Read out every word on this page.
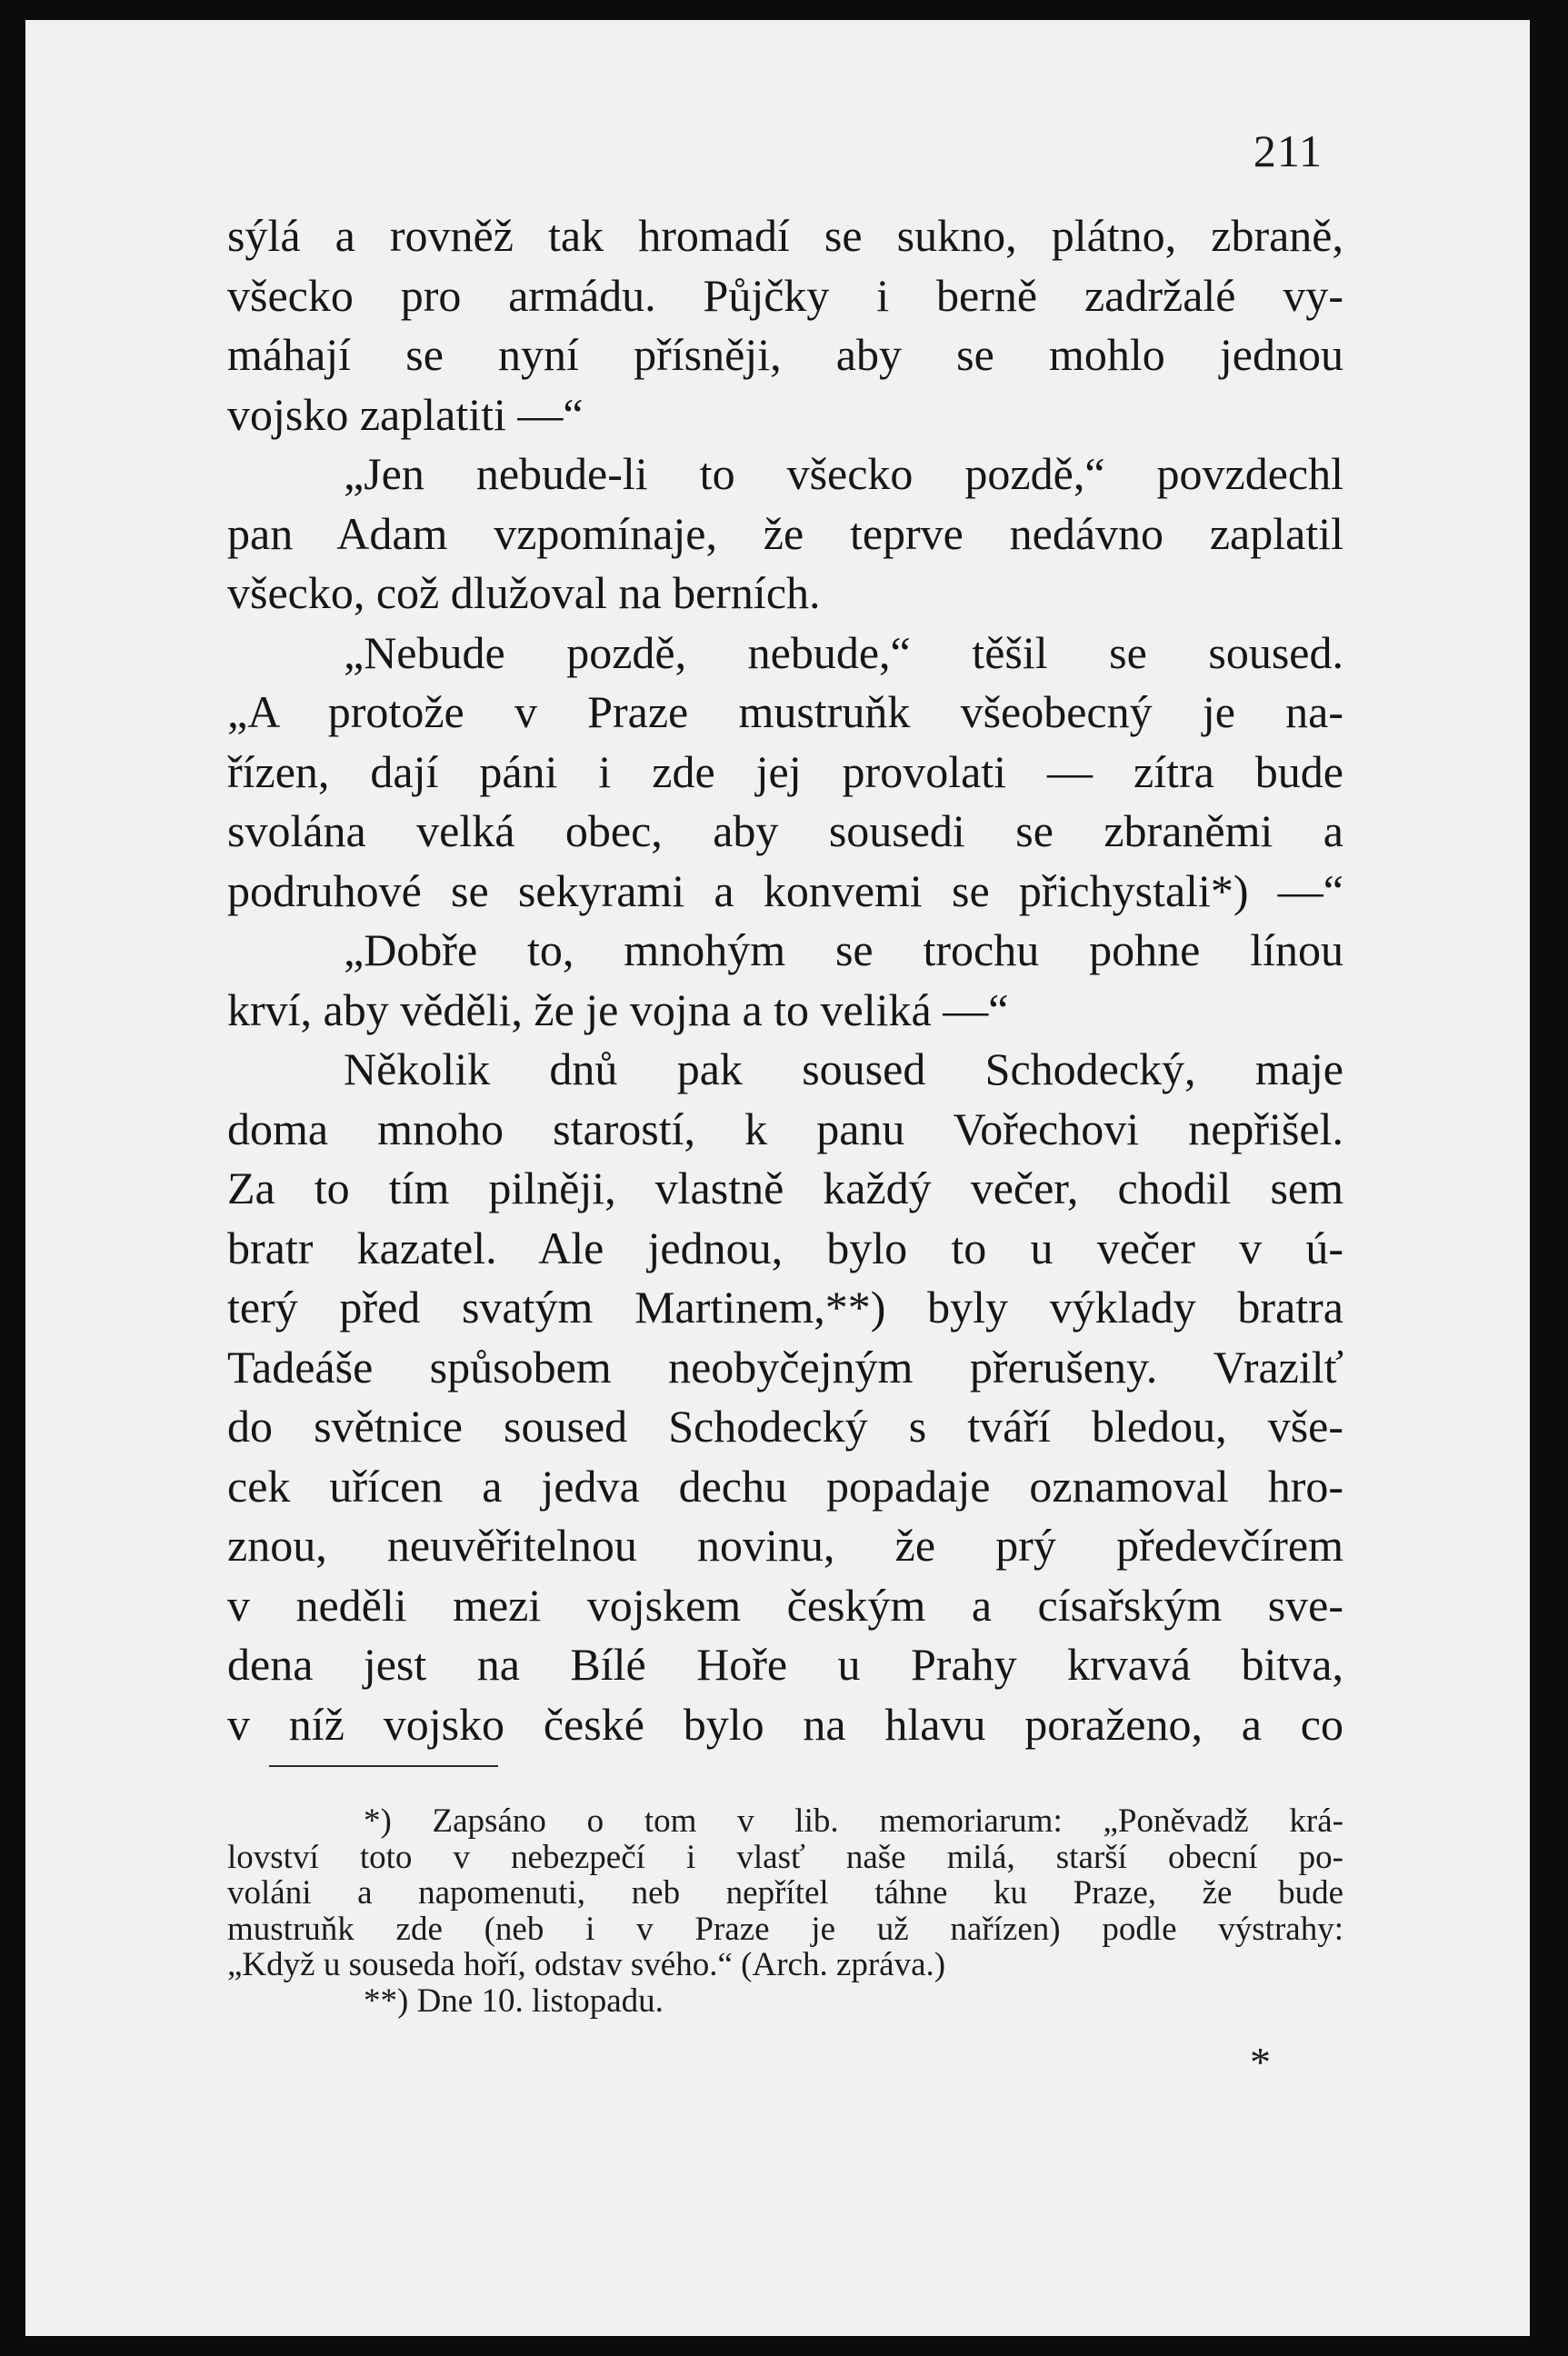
211
sýlá a rovněž tak hromadí se sukno, plátno, zbraně,
všecko pro armádu. Půjčky i berně zadržalé vy-
máhají se nyní přísněji, aby se mohlo jednou
vojsko zaplatiti —“
„Jen nebude-li to všecko pozdě,“ povzdechl
pan Adam vzpomínaje, že teprve nedávno zaplatil
všecko, což dlužoval na berních.
„Nebude pozdě, nebude,“ těšil se soused.
„A protože v Praze mustruňk všeobecný je na-
řízen, dají páni i zde jej provolati — zítra bude
svolána velká obec, aby sousedi se zbraněmi a
podruhové se sekyrami a konvemi se přichystali*) —“
„Dobře to, mnohým se trochu pohne línou
krví, aby věděli, že je vojna a to veliká —“
Několik dnů pak soused Schodecký, maje
doma mnoho starostí, k panu Vořechovi nepřišel.
Za to tím pilněji, vlastně každý večer, chodil sem
bratr kazatel. Ale jednou, bylo to u večer v ú-
terý před svatým Martinem,**) byly výklady bratra
Tadeáše spůsobem neobyčejným přerušeny. Vrazilť
do světnice soused Schodecký s tváří bledou, vše-
cek uřícen a jedva dechu popadaje oznamoval hro-
znou, neuvěřitelnou novinu, že prý předevčírem
v neděli mezi vojskem českým a císařským sve-
dena jest na Bílé Hoře u Prahy krvavá bitva,
v níž vojsko české bylo na hlavu poraženo, a co
*) Zapsáno o tom v lib. memoriarum: „Poněvadž krá-
lovství toto v nebezpečí i vlasť naše milá, starší obecní po-
voláni a napomenuti, neb nepřítel táhne ku Praze, že bude
mustruňk zde (neb i v Praze je už nařízen) podle výstrahy:
„Když u souseda hoří, odstav svého.“ (Arch. zpráva.)
**) Dne 10. listopadu.
*
